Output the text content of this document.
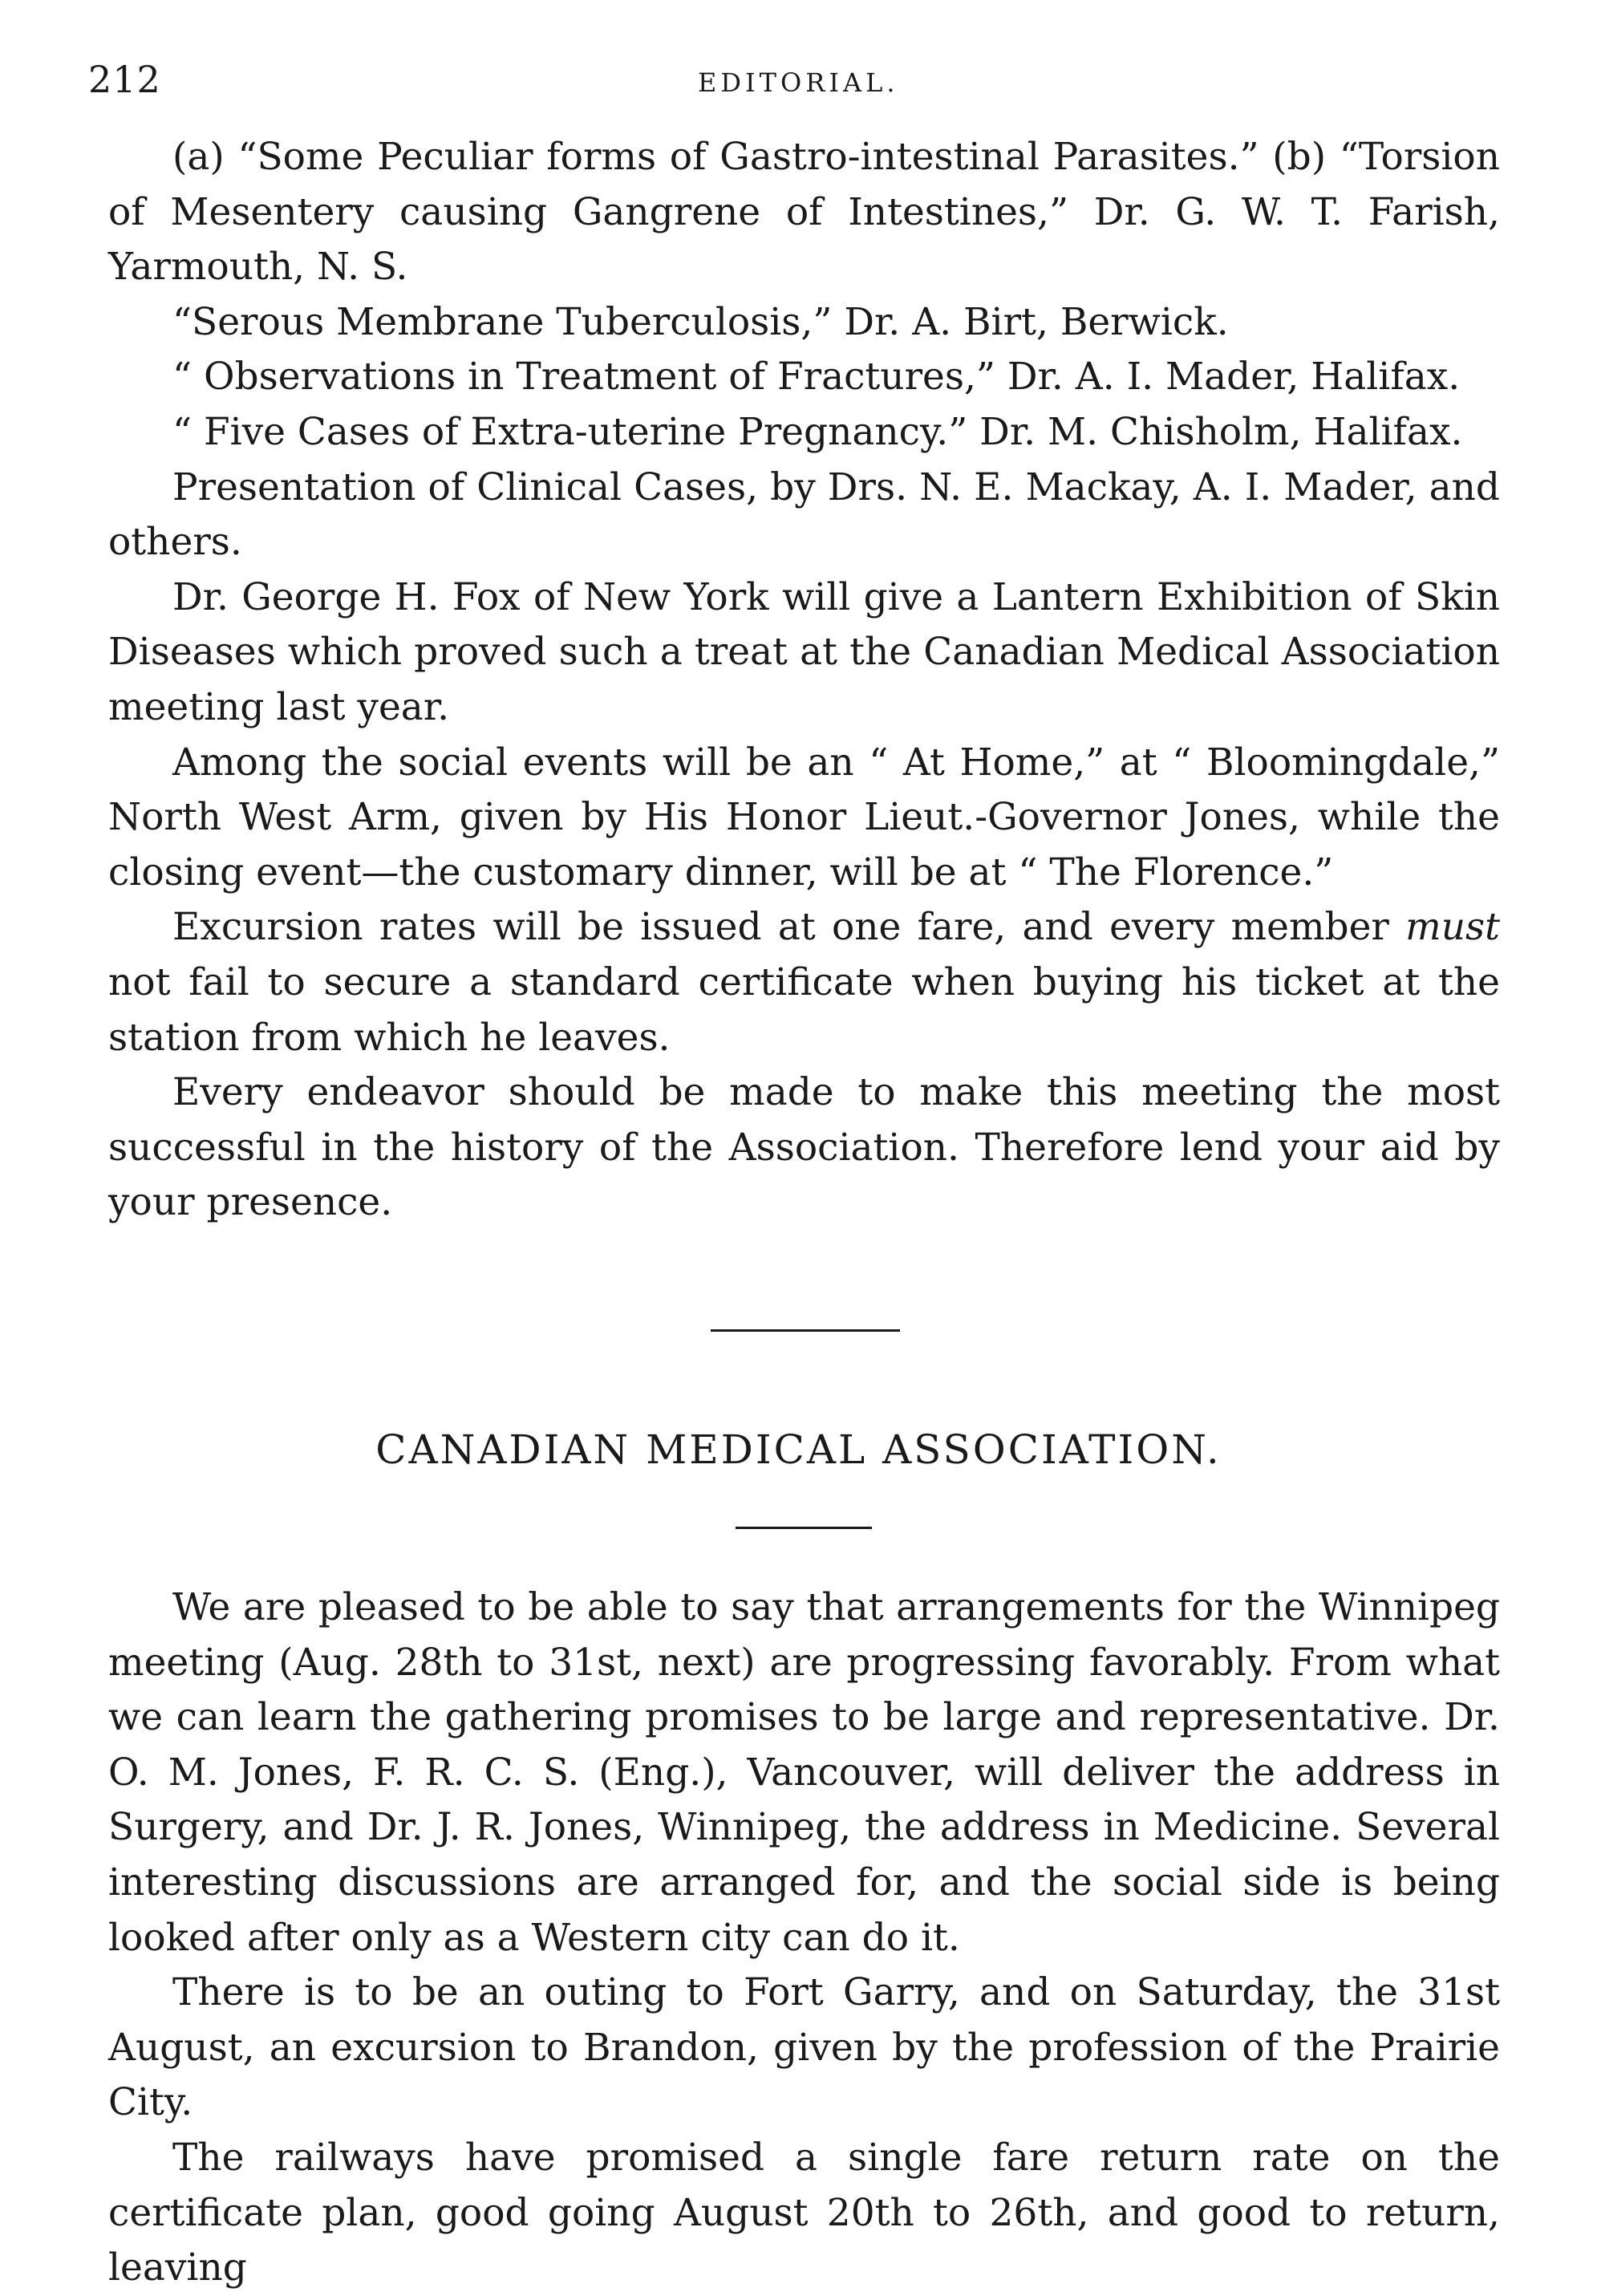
212	EDITORIAL.

(a) “Some Peculiar forms of Gastro-intestinal Parasites.” (b) “Torsion of Mesentery causing Gangrene of Intestines,” Dr. G. W. T. Farish, Yarmouth, N. S.

“Serous Membrane Tuberculosis,” Dr. A. Birt, Berwick.

“ Observations in Treatment of Fractures,” Dr. A. I. Mader, Halifax.

“ Five Cases of Extra-uterine Pregnancy.” Dr. M. Chisholm, Halifax.

Presentation of Clinical Cases, by Drs. N. E. Mackay, A. I. Mader, and others.

Dr. George H. Fox of New York will give a Lantern Exhibition of Skin Diseases which proved such a treat at the Canadian Medical Association meeting last year.

Among the social events will be an “ At Home,” at “ Bloomingdale,” North West Arm, given by His Honor Lieut.-Governor Jones, while the closing event—the customary dinner, will be at “ The Florence.”

Excursion rates will be issued at one fare, and every member must not fail to secure a standard certificate when buying his ticket at the station from which he leaves.

Every endeavor should be made to make this meeting the most successful in the history of the Association. Therefore lend your aid by your presence.

CANADIAN MEDICAL ASSOCIATION.

We are pleased to be able to say that arrangements for the Winnipeg meeting (Aug. 28th to 31st, next) are progressing favorably. From what we can learn the gathering promises to be large and representative. Dr. O. M. Jones, F. R. C. S. (Eng.), Vancouver, will deliver the address in Surgery, and Dr. J. R. Jones, Winnipeg, the address in Medicine. Several interesting discussions are arranged for, and the social side is being looked after only as a Western city can do it.

There is to be an outing to Fort Garry, and on Saturday, the 31st August, an excursion to Brandon, given by the profession of the Prairie City.

The railways have promised a single fare return rate on the certificate plan, good going August 20th to 26th, and good to return, leaving
